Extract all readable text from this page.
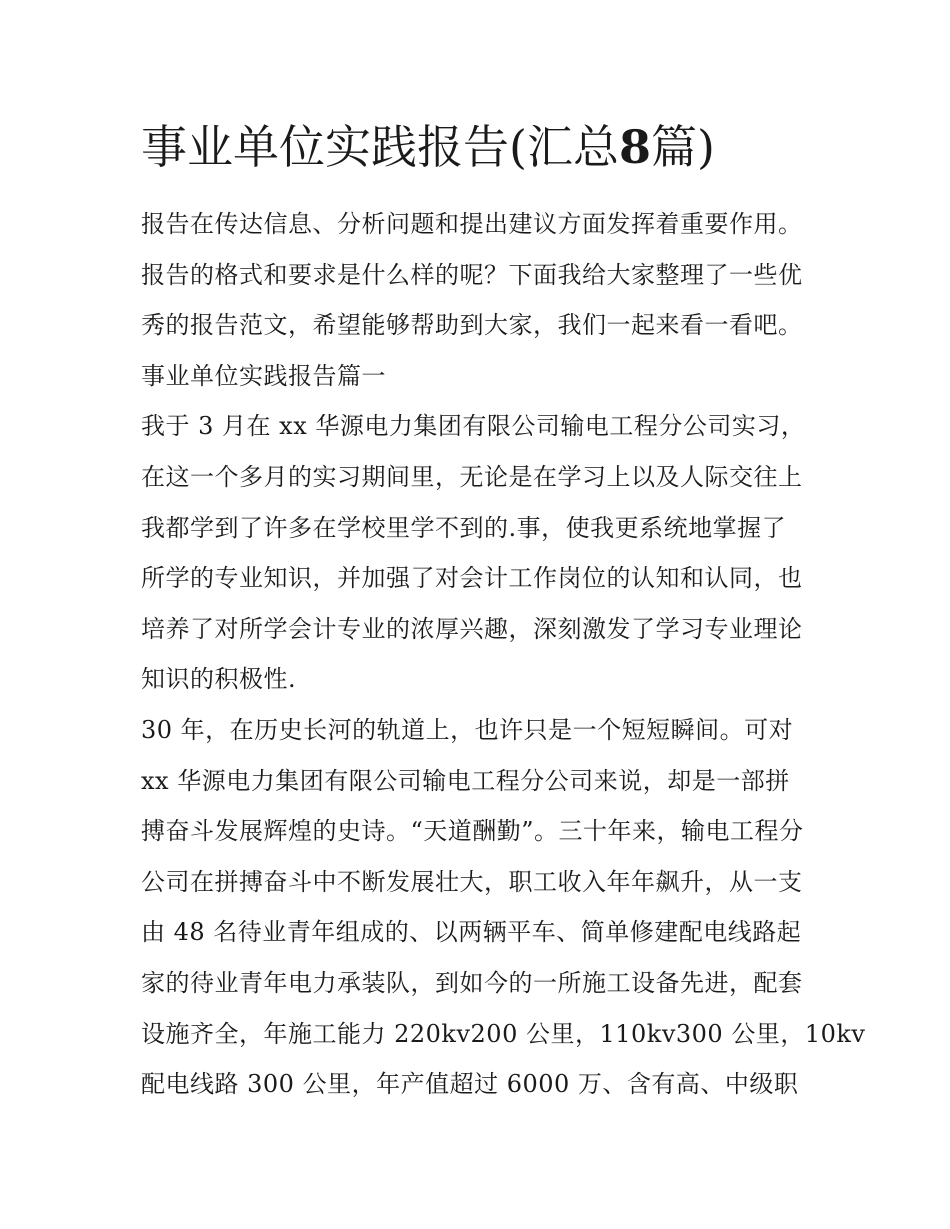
事业单位实践报告(汇总8篇)
报告在传达信息、分析问题和提出建议方面发挥着重要作用。
报告的格式和要求是什么样的呢？下面我给大家整理了一些优
秀的报告范文，希望能够帮助到大家，我们一起来看一看吧。
事业单位实践报告篇一
我于 3 月在 xx 华源电力集团有限公司输电工程分公司实习，
在这一个多月的实习期间里，无论是在学习上以及人际交往上
我都学到了许多在学校里学不到的.事，使我更系统地掌握了
所学的专业知识，并加强了对会计工作岗位的认知和认同，也
培养了对所学会计专业的浓厚兴趣，深刻激发了学习专业理论
知识的积极性.
30 年，在历史长河的轨道上，也许只是一个短短瞬间。可对
xx 华源电力集团有限公司输电工程分公司来说，却是一部拼
搏奋斗发展辉煌的史诗。“天道酬勤”。三十年来，输电工程分
公司在拼搏奋斗中不断发展壮大，职工收入年年飙升，从一支
由 48 名待业青年组成的、以两辆平车、简单修建配电线路起
家的待业青年电力承装队，到如今的一所施工设备先进，配套
设施齐全，年施工能力 220kv200 公里，110kv300 公里，10kv
配电线路 300 公里，年产值超过 6000 万、含有高、中级职
